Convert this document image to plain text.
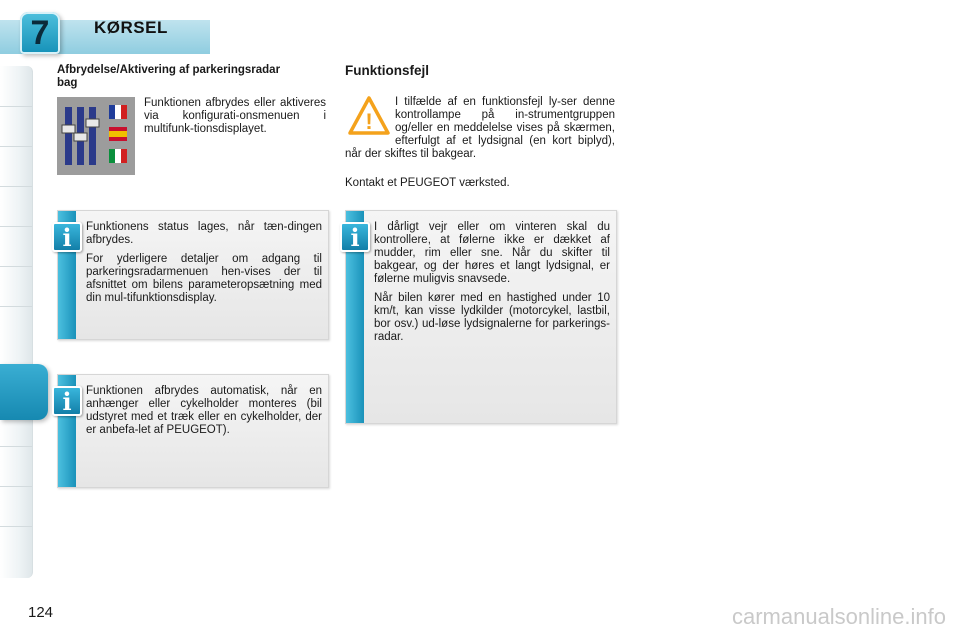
7	KØRSEL
Afbrydelse/Aktivering af parkeringsradar bag
Funktionen afbrydes eller aktiveres via konfigurati-onsmenuen i multifunk-tionsdisplayet.
i	Funktionens status lages, når tæn-dingen afbrydes.

For yderligere detaljer om adgang til parkeringsradarmenuen hen-vises der til afsnittet om bilens parameteropsætning med din mul-tifunktionsdisplay.

i	Funktionen afbrydes automatisk, når en anhænger eller cykelholder monteres (bil udstyret med et træk eller en cykelholder, der er anbefa-let af PEUGEOT).

Funktionsfejl
!
I tilfælde af en funktionsfejl ly-ser denne kontrollampe på in-strumentgruppen og/eller en meddelelse vises på skærmen, efterfulgt af et lydsignal (en kort biplyd), når der skiftes til bakgear.
Kontakt et PEUGEOT værksted.
i	I dårligt vejr eller om vinteren skal du kontrollere, at følerne ikke er dækket af mudder, rim eller sne. Når du skifter til bakgear, og der høres et langt lydsignal, er følerne muligvis snavsede.

Når bilen kører med en hastighed under 10 km/t, kan visse lydkilder (motorcykel, lastbil, bor osv.) ud-løse lydsignalerne for parkerings-radar.

124	carmanualsonline.info
